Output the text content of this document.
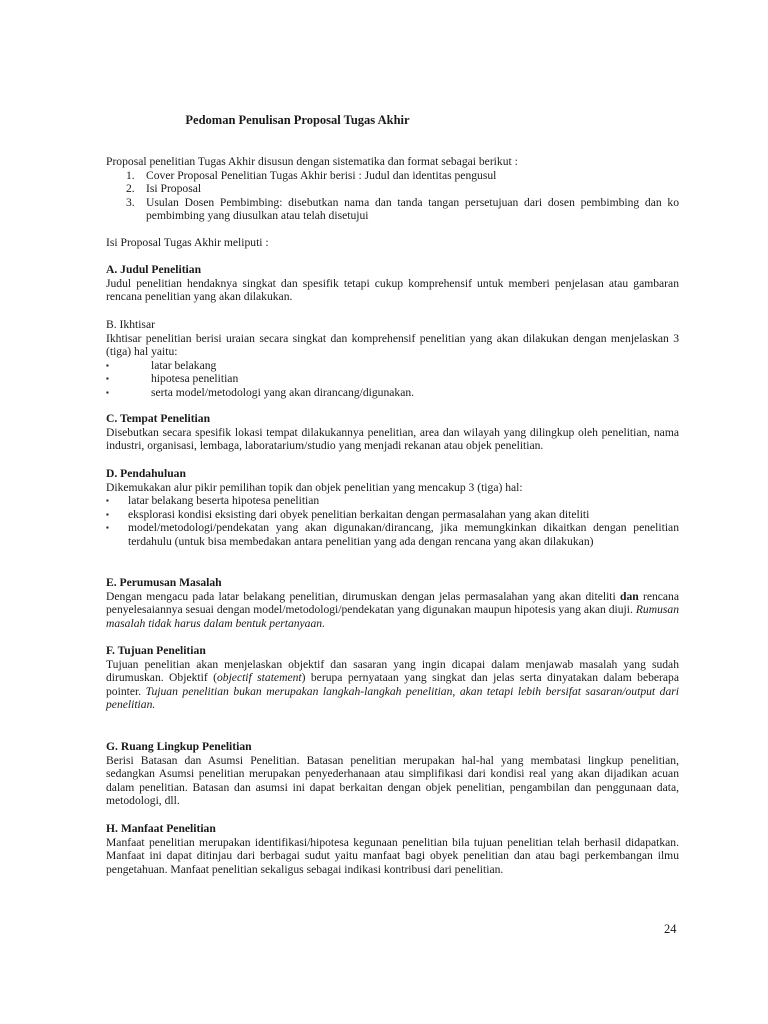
Pedoman Penulisan Proposal Tugas Akhir

Proposal penelitian Tugas Akhir disusun dengan sistematika dan format sebagai berikut :

1. Cover Proposal Penelitian Tugas Akhir berisi : Judul dan identitas pengusul
2. Isi Proposal
3. Usulan Dosen Pembimbing: disebutkan nama dan tanda tangan persetujuan dari dosen pembimbing dan ko pembimbing yang diusulkan atau telah disetujui

Isi Proposal Tugas Akhir meliputi :

A. Judul Penelitian

Judul penelitian hendaknya singkat dan spesifik tetapi cukup komprehensif untuk memberi penjelasan atau gambaran rencana penelitian yang akan dilakukan.

B. Ikhtisar

Ikhtisar penelitian berisi uraian secara singkat dan komprehensif penelitian yang akan dilakukan dengan menjelaskan 3 (tiga) hal yaitu:

▪	latar belakang
▪	hipotesa penelitian
▪	serta model/metodologi yang akan dirancang/digunakan.

C. Tempat Penelitian

Disebutkan secara spesifik lokasi tempat dilakukannya penelitian, area dan wilayah yang dilingkup oleh penelitian, nama industri, organisasi, lembaga, laboratarium/studio yang menjadi rekanan atau objek penelitian.

D. Pendahuluan

Dikemukakan alur pikir pemilihan topik dan objek penelitian yang mencakup 3 (tiga) hal:

▪ latar belakang beserta hipotesa penelitian
▪ eksplorasi kondisi eksisting dari obyek penelitian berkaitan dengan permasalahan yang akan diteliti
▪ model/metodologi/pendekatan yang akan digunakan/dirancang, jika memungkinkan dikaitkan dengan penelitian terdahulu (untuk bisa membedakan antara penelitian yang ada dengan rencana yang akan dilakukan)

E. Perumusan Masalah

Dengan mengacu pada latar belakang penelitian, dirumuskan dengan jelas permasalahan yang akan diteliti dan rencana penyelesaiannya sesuai dengan model/metodologi/pendekatan yang digunakan maupun hipotesis yang akan diuji. Rumusan masalah tidak harus dalam bentuk pertanyaan.

F. Tujuan Penelitian

Tujuan penelitian akan menjelaskan objektif dan sasaran yang ingin dicapai dalam menjawab masalah yang sudah dirumuskan. Objektif (objectif statement) berupa pernyataan yang singkat dan jelas serta dinyatakan dalam beberapa pointer. Tujuan penelitian bukan merupakan langkah-langkah penelitian, akan tetapi lebih bersifat sasaran/output dari penelitian.

G. Ruang Lingkup Penelitian

Berisi Batasan dan Asumsi Penelitian. Batasan penelitian merupakan hal-hal yang membatasi lingkup penelitian, sedangkan Asumsi penelitian merupakan penyederhanaan atau simplifikasi dari kondisi real yang akan dijadikan acuan dalam penelitian. Batasan dan asumsi ini dapat berkaitan dengan objek penelitian, pengambilan dan penggunaan data, metodologi, dll.

H. Manfaat Penelitian

Manfaat penelitian merupakan identifikasi/hipotesa kegunaan penelitian bila tujuan penelitian telah berhasil didapatkan. Manfaat ini dapat ditinjau dari berbagai sudut yaitu manfaat bagi obyek penelitian dan atau bagi perkembangan ilmu pengetahuan. Manfaat penelitian sekaligus sebagai indikasi kontribusi dari penelitian.

24
